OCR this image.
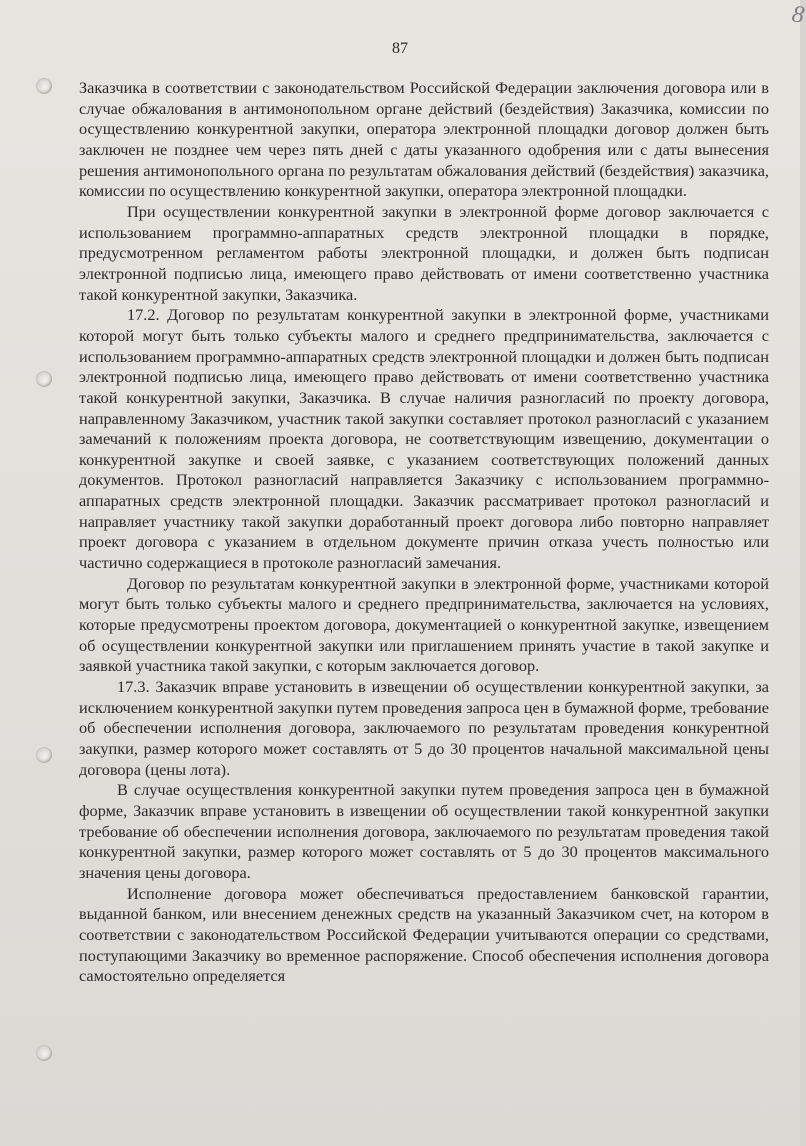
87
8

Заказчика в соответствии с законодательством Российской Федерации заключения договора или в случае обжалования в антимонопольном органе действий (бездействия) Заказчика, комиссии по осуществлению конкурентной закупки, оператора электронной площадки договор должен быть заключен не позднее чем через пять дней с даты указанного одобрения или с даты вынесения решения антимонопольного органа по результатам обжалования действий (бездействия) заказчика, комиссии по осуществлению конкурентной закупки, оператора электронной площадки.

При осуществлении конкурентной закупки в электронной форме договор заключается с использованием программно-аппаратных средств электронной площадки в порядке, предусмотренном регламентом работы электронной площадки, и должен быть подписан электронной подписью лица, имеющего право действовать от имени соответственно участника такой конкурентной закупки, Заказчика.

17.2. Договор по результатам конкурентной закупки в электронной форме, участниками которой могут быть только субъекты малого и среднего предпринимательства, заключается с использованием программно-аппаратных средств электронной площадки и должен быть подписан электронной подписью лица, имеющего право действовать от имени соответственно участника такой конкурентной закупки, Заказчика. В случае наличия разногласий по проекту договора, направленному Заказчиком, участник такой закупки составляет протокол разногласий с указанием замечаний к положениям проекта договора, не соответствующим извещению, документации о конкурентной закупке и своей заявке, с указанием соответствующих положений данных документов. Протокол разногласий направляется Заказчику с использованием программно-аппаратных средств электронной площадки. Заказчик рассматривает протокол разногласий и направляет участнику такой закупки доработанный проект договора либо повторно направляет проект договора с указанием в отдельном документе причин отказа учесть полностью или частично содержащиеся в протоколе разногласий замечания.

Договор по результатам конкурентной закупки в электронной форме, участниками которой могут быть только субъекты малого и среднего предпринимательства, заключается на условиях, которые предусмотрены проектом договора, документацией о конкурентной закупке, извещением об осуществлении конкурентной закупки или приглашением принять участие в такой закупке и заявкой участника такой закупки, с которым заключается договор.

17.3. Заказчик вправе установить в извещении об осуществлении конкурентной закупки, за исключением конкурентной закупки путем проведения запроса цен в бумажной форме, требование об обеспечении исполнения договора, заключаемого по результатам проведения конкурентной закупки, размер которого может составлять от 5 до 30 процентов начальной максимальной цены договора (цены лота).

В случае осуществления конкурентной закупки путем проведения запроса цен в бумажной форме, Заказчик вправе установить в извещении об осуществлении такой конкурентной закупки требование об обеспечении исполнения договора, заключаемого по результатам проведения такой конкурентной закупки, размер которого может составлять от 5 до 30 процентов максимального значения цены договора.

Исполнение договора может обеспечиваться предоставлением банковской гарантии, выданной банком, или внесением денежных средств на указанный Заказчиком счет, на котором в соответствии с законодательством Российской Федерации учитываются операции со средствами, поступающими Заказчику во временное распоряжение. Способ обеспечения исполнения договора самостоятельно определяется
